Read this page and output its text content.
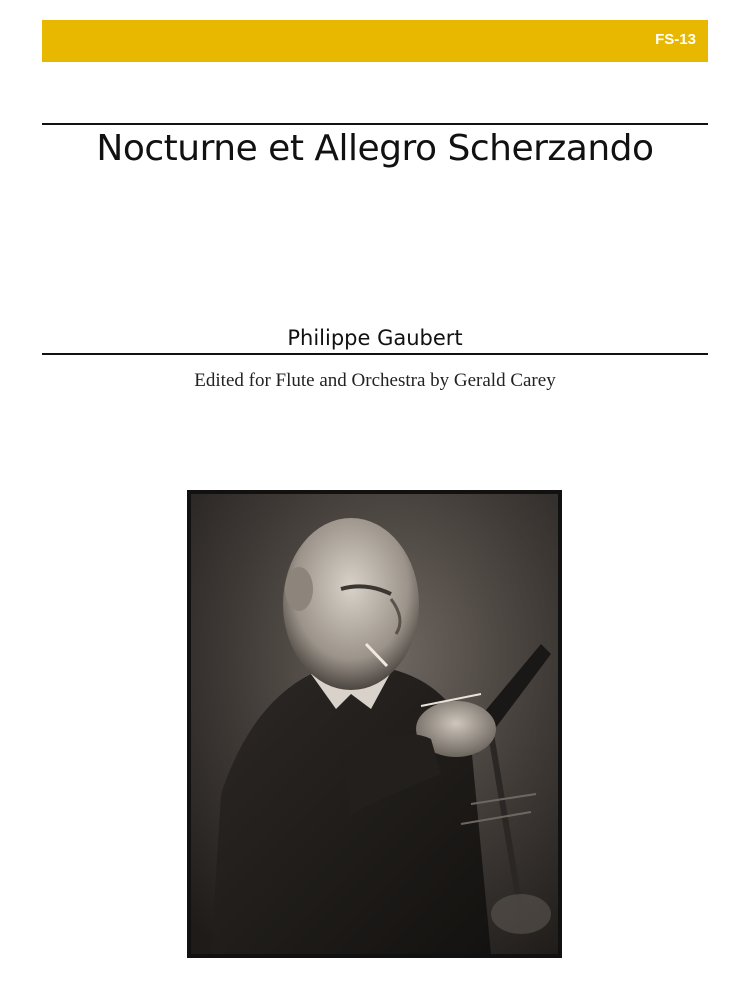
FS-13
Nocturne et Allegro Scherzando
Philippe Gaubert
Edited for Flute and Orchestra by Gerald Carey
